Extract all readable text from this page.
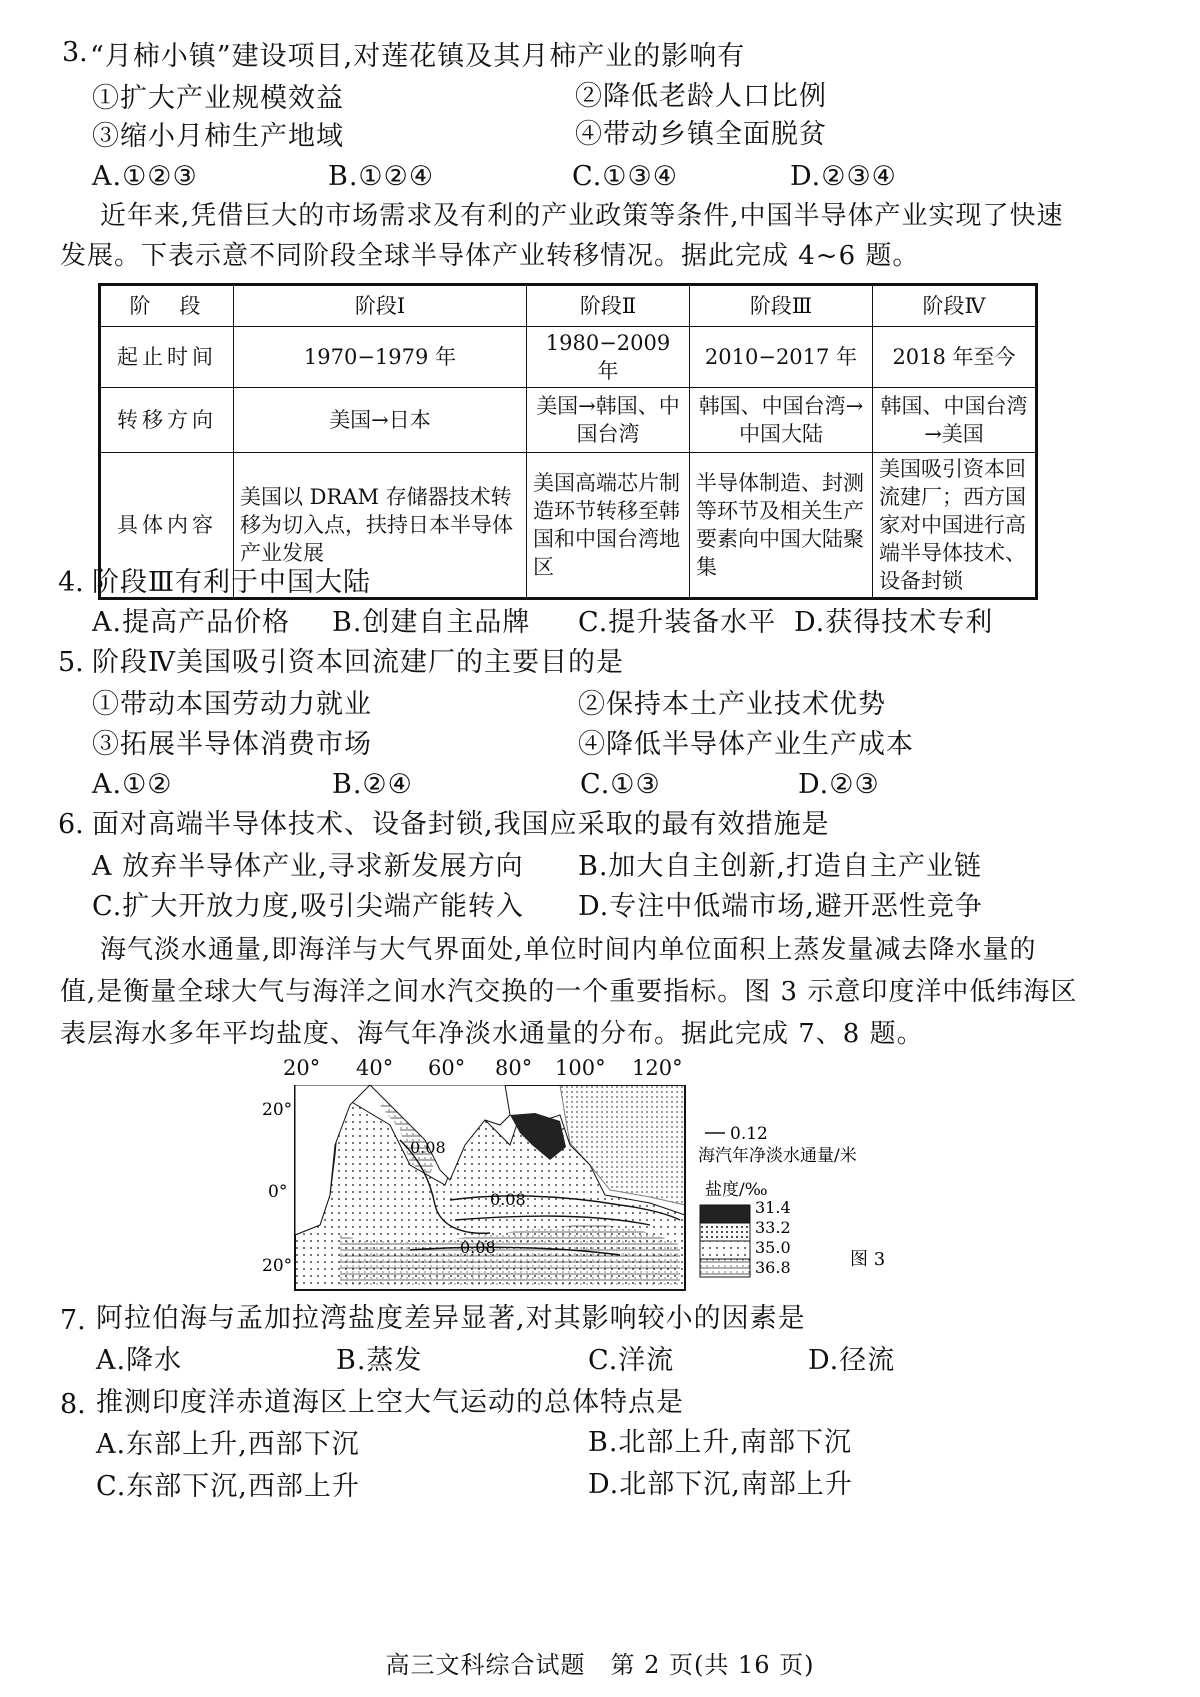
3. “月柿小镇”建设项目,对莲花镇及其月柿产业的影响有
①扩大产业规模效益	②降低老龄人口比例
③缩小月柿生产地域	④带动乡镇全面脱贫
A.①②③	B.①②④	C.①③④	D.②③④
近年来,凭借巨大的市场需求及有利的产业政策等条件,中国半导体产业实现了快速
发展。下表示意不同阶段全球半导体产业转移情况。据此完成 4~6 题。
阶　段	阶段Ⅰ	阶段Ⅱ	阶段Ⅲ	阶段Ⅳ
起止时间	1970−1979 年	1980−2009 年	2010−2017 年	2018 年至今
转移方向	美国→日本	美国→韩国、中国台湾	韩国、中国台湾→中国大陆	韩国、中国台湾→美国
具体内容	美国以 DRAM 存储器技术转移为切入点，扶持日本半导体产业发展	美国高端芯片制造环节转移至韩国和中国台湾地区	半导体制造、封测等环节及相关生产要素向中国大陆聚集	美国吸引资本回流建厂；西方国家对中国进行高端半导体技术、设备封锁
4. 阶段Ⅲ有利于中国大陆
A.提高产品价格 B.创建自主品牌 C.提升装备水平 D.获得技术专利
5. 阶段Ⅳ美国吸引资本回流建厂的主要目的是
①带动本国劳动力就业	②保持本土产业技术优势
③拓展半导体消费市场	④降低半导体产业生产成本
A.①②	B.②④	C.①③	D.②③
6. 面对高端半导体技术、设备封锁,我国应采取的最有效措施是
A 放弃半导体产业,寻求新发展方向 B.加大自主创新,打造自主产业链
C.扩大开放力度,吸引尖端产能转入 D.专注中低端市场,避开恶性竞争
海气淡水通量,即海洋与大气界面处,单位时间内单位面积上蒸发量减去降水量的
值,是衡量全球大气与海洋之间水汽交换的一个重要指标。图 3 示意印度洋中低纬海区
表层海水多年平均盐度、海气年净淡水通量的分布。据此完成 7、8 题。
20°
0°
20°
0.08
0.08
0.08
0.12
海汽年净淡水通量/米
盐度/‰
31.4
33.2
35.0
36.8	图 3
20° 40° 60° 80° 100° 120°
7. 阿拉伯海与孟加拉湾盐度差异显著,对其影响较小的因素是
A.降水	B.蒸发	C.洋流	D.径流
8. 推测印度洋赤道海区上空大气运动的总体特点是
A.东部上升,西部下沉	B.北部上升,南部下沉
C.东部下沉,西部上升	D.北部下沉,南部上升
高三文科综合试题　第 2 页(共 16 页)
